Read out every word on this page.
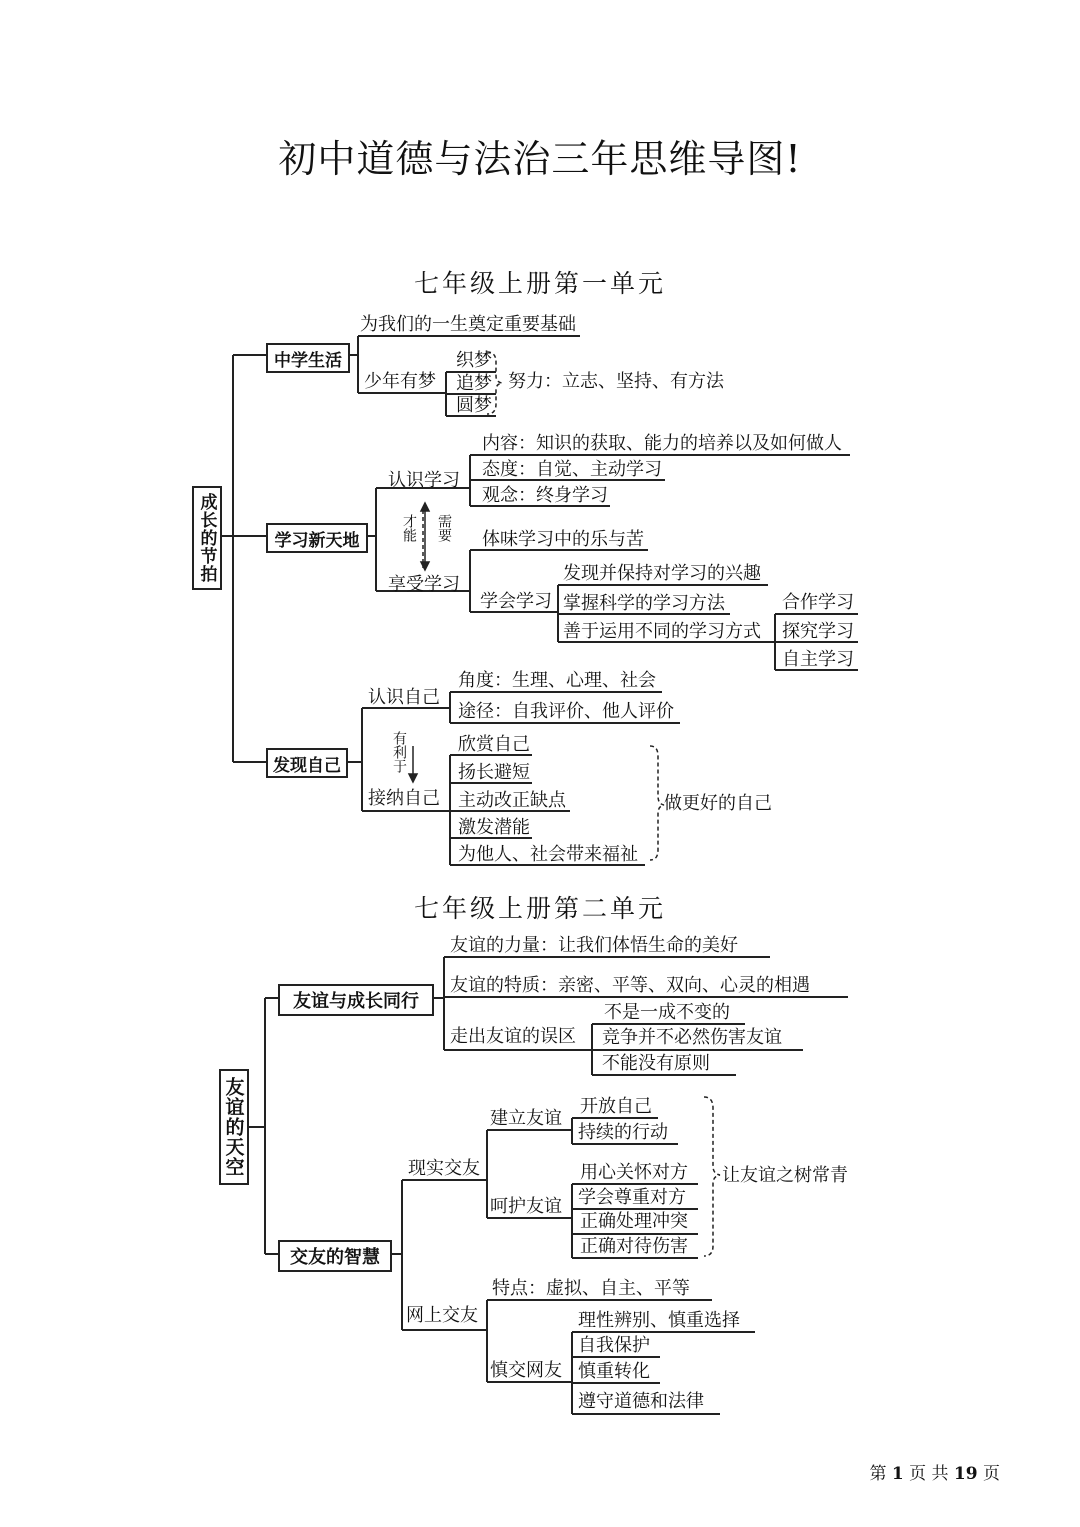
初中道德与法治三年思维导图!
七年级上册第一单元
成长的节拍
中学生活
为我们的一生奠定重要基础
少年有梦
织梦
追梦
圆梦
努力：立志、坚持、有方法
学习新天地
认识学习
内容：知识的获取、能力的培养以及如何做人
态度：自觉、主动学习
观念：终身学习
才能 需要
享受学习
体味学习中的乐与苦
学会学习
发现并保持对学习的兴趣
掌握科学的学习方法
善于运用不同的学习方式
合作学习
探究学习
自主学习
发现自己
认识自己
角度：生理、心理、社会
途径：自我评价、他人评价
有利于
接纳自己
欣赏自己
扬长避短
主动改正缺点
激发潜能
为他人、社会带来福祉
做更好的自己
七年级上册第二单元
友谊的天空
友谊与成长同行
友谊的力量：让我们体悟生命的美好
友谊的特质：亲密、平等、双向、心灵的相遇
走出友谊的误区
不是一成不变的
竞争并不必然伤害友谊
不能没有原则
交友的智慧
现实交友
建立友谊
开放自己
持续的行动
呵护友谊
用心关怀对方
学会尊重对方
正确处理冲突
正确对待伤害
让友谊之树常青
网上交友
特点：虚拟、自主、平等
慎交网友
理性辨别、慎重选择
自我保护
慎重转化
遵守道德和法律
第 1 页 共 19 页
